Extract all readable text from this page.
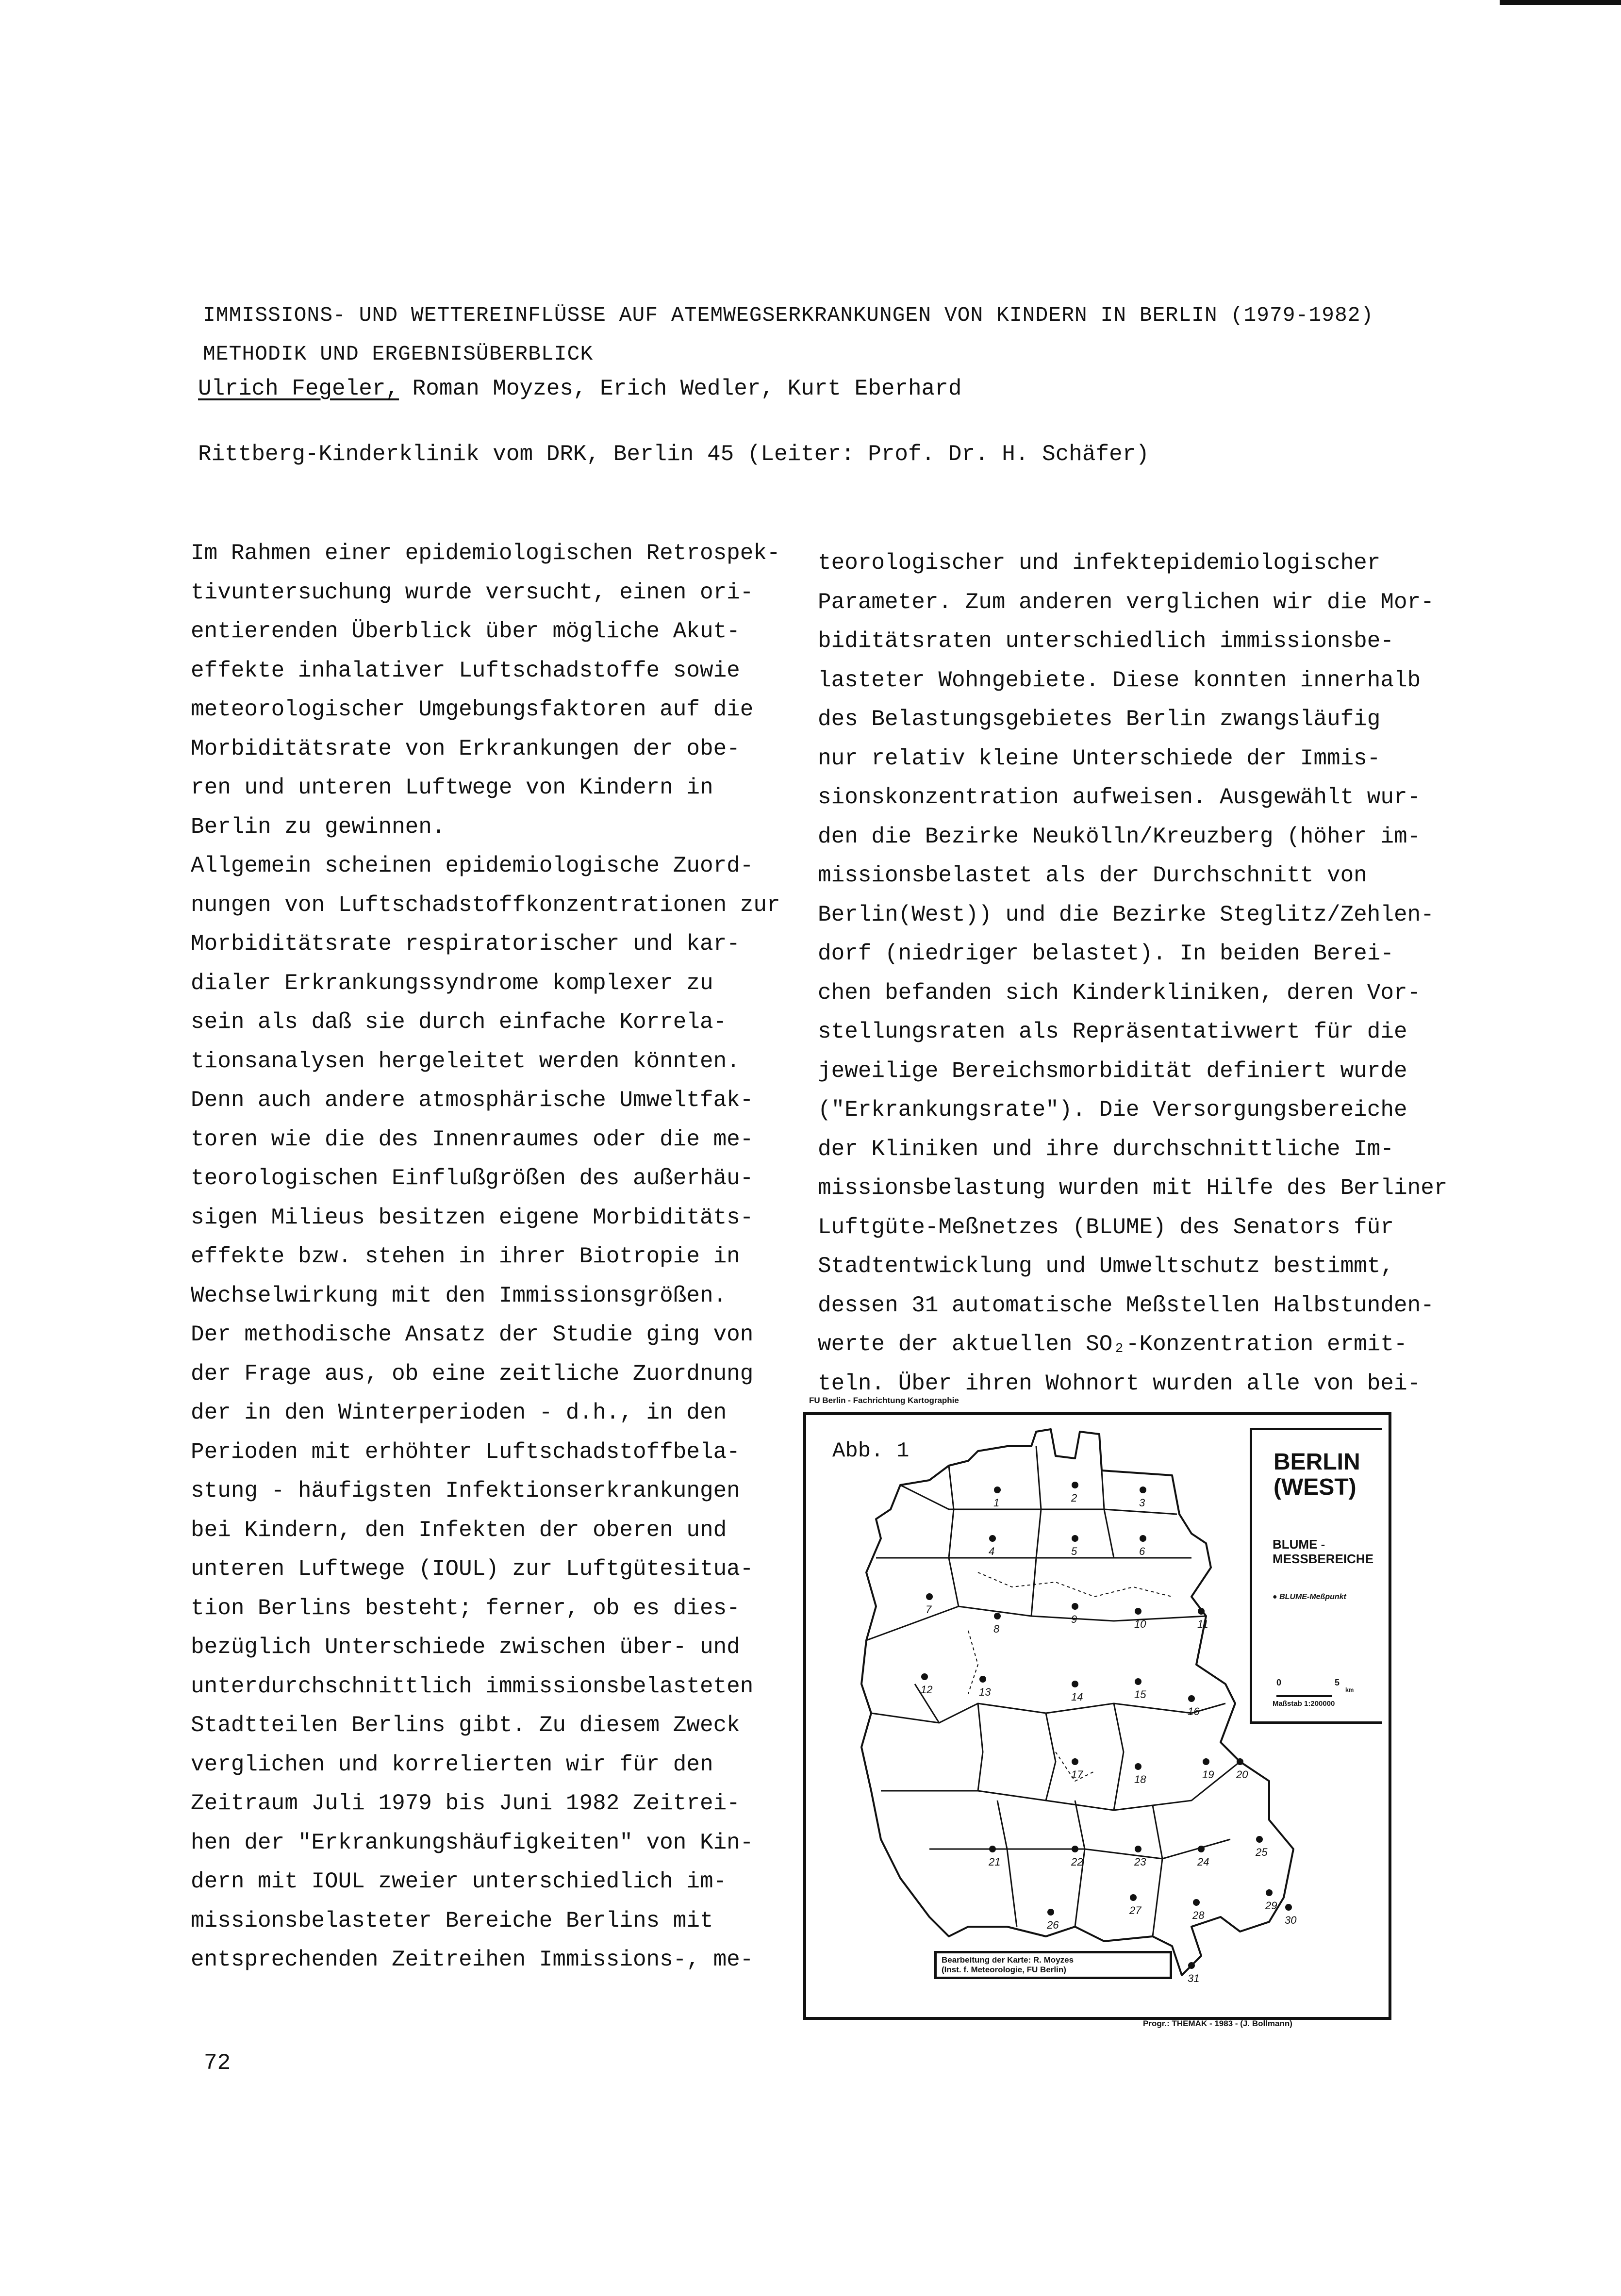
IMMISSIONS- UND WETTEREINFLÜSSE AUF ATEMWEGSERKRANKUNGEN VON KINDERN IN BERLIN (1979-1982)
METHODIK UND ERGEBNISÜBERBLICK
Ulrich Fegeler, Roman Moyzes, Erich Wedler, Kurt Eberhard
Rittberg-Kinderklinik vom DRK, Berlin 45 (Leiter: Prof. Dr. H. Schäfer)
Im Rahmen einer epidemiologischen Retrospek-
tivuntersuchung wurde versucht, einen ori-
entierenden Überblick über mögliche Akut-
effekte inhalativer Luftschadstoffe sowie
meteorologischer Umgebungsfaktoren auf die
Morbiditätsrate von Erkrankungen der obe-
ren und unteren Luftwege von Kindern in
Berlin zu gewinnen.
Allgemein scheinen epidemiologische Zuord-
nungen von Luftschadstoffkonzentrationen zur
Morbiditätsrate respiratorischer und kar-
dialer Erkrankungssyndrome komplexer zu
sein als daß sie durch einfache Korrela-
tionsanalysen hergeleitet werden könnten.
Denn auch andere atmosphärische Umweltfak-
toren wie die des Innenraumes oder die me-
teorologischen Einflußgrößen des außerhäu-
sigen Milieus besitzen eigene Morbiditäts-
effekte bzw. stehen in ihrer Biotropie in
Wechselwirkung mit den Immissionsgrößen.
Der methodische Ansatz der Studie ging von
der Frage aus, ob eine zeitliche Zuordnung
der in den Winterperioden - d.h., in den
Perioden mit erhöhter Luftschadstoffbela-
stung - häufigsten Infektionserkrankungen
bei Kindern, den Infekten der oberen und
unteren Luftwege (IOUL) zur Luftgütesitua-
tion Berlins besteht; ferner, ob es dies-
bezüglich Unterschiede zwischen über- und
unterdurchschnittlich immissionsbelasteten
Stadtteilen Berlins gibt. Zu diesem Zweck
verglichen und korrelierten wir für den
Zeitraum Juli 1979 bis Juni 1982 Zeitrei-
hen der "Erkrankungshäufigkeiten" von Kin-
dern mit IOUL zweier unterschiedlich im-
missionsbelasteter Bereiche Berlins mit
entsprechenden Zeitreihen Immissions-, me-
teorologischer und infektepidemiologischer
Parameter. Zum anderen verglichen wir die Mor-
biditätsraten unterschiedlich immissionsbe-
lasteter Wohngebiete. Diese konnten innerhalb
des Belastungsgebietes Berlin zwangsläufig
nur relativ kleine Unterschiede der Immis-
sionskonzentration aufweisen. Ausgewählt wur-
den die Bezirke Neukölln/Kreuzberg (höher im-
missionsbelastet als der Durchschnitt von
Berlin(West)) und die Bezirke Steglitz/Zehlen-
dorf (niedriger belastet). In beiden Berei-
chen befanden sich Kinderkliniken, deren Vor-
stellungsraten als Repräsentativwert für die
jeweilige Bereichsmorbidität definiert wurde
("Erkrankungsrate"). Die Versorgungsbereiche
der Kliniken und ihre durchschnittliche Im-
missionsbelastung wurden mit Hilfe des Berliner
Luftgüte-Meßnetzes (BLUME) des Senators für
Stadtentwicklung und Umweltschutz bestimmt,
dessen 31 automatische Meßstellen Halbstunden-
werte der aktuellen SO₂-Konzentration ermit-
teln. Über ihren Wohnort wurden alle von bei-
FU Berlin - Fachrichtung Kartographie
Abb. 1
1	2	3
4	5	6
7
8
9	10	11
12	13	14	15
16
17	18	19 20
21	22	23	24
25
26
27	28
29
30
31
BERLIN
(WEST)
BLUME -
MESSBEREICHE
● BLUME-Meßpunkt
0	5
km
Maßstab 1:200000
Bearbeitung der Karte: R. Moyzes
(Inst. f. Meteorologie, FU Berlin)
Progr.: THEMAK - 1983 - (J. Bollmann)
72
